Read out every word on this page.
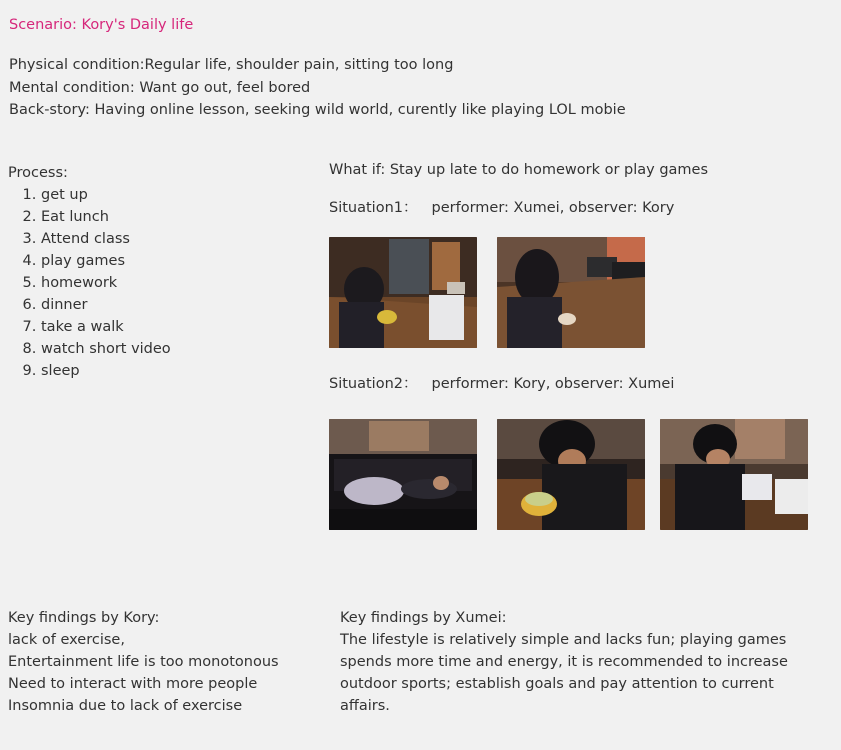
Scenario: Kory's Daily life
Physical condition:Regular life, shoulder pain, sitting too long
Mental condition: Want go out, feel bored
Back-story: Having online lesson, seeking wild world, curently like playing LOL mobie
Process:
1. get up
2. Eat lunch
3. Attend class
4. play games
5. homework
6. dinner
7. take a walk
8. watch short video
9. sleep
What if: Stay up late to do homework or play games
Situation1： performer: Xumei, observer: Kory
Situation2： performer: Kory, observer: Xumei
Key findings by Kory:
lack of exercise,
Entertainment life is too monotonous
Need to interact with more people
Insomnia due to lack of exercise
Key findings by Xumei:

The lifestyle is relatively simple and lacks fun; playing games spends more time and energy, it is recommended to increase outdoor sports; establish goals and pay attention to current affairs.
